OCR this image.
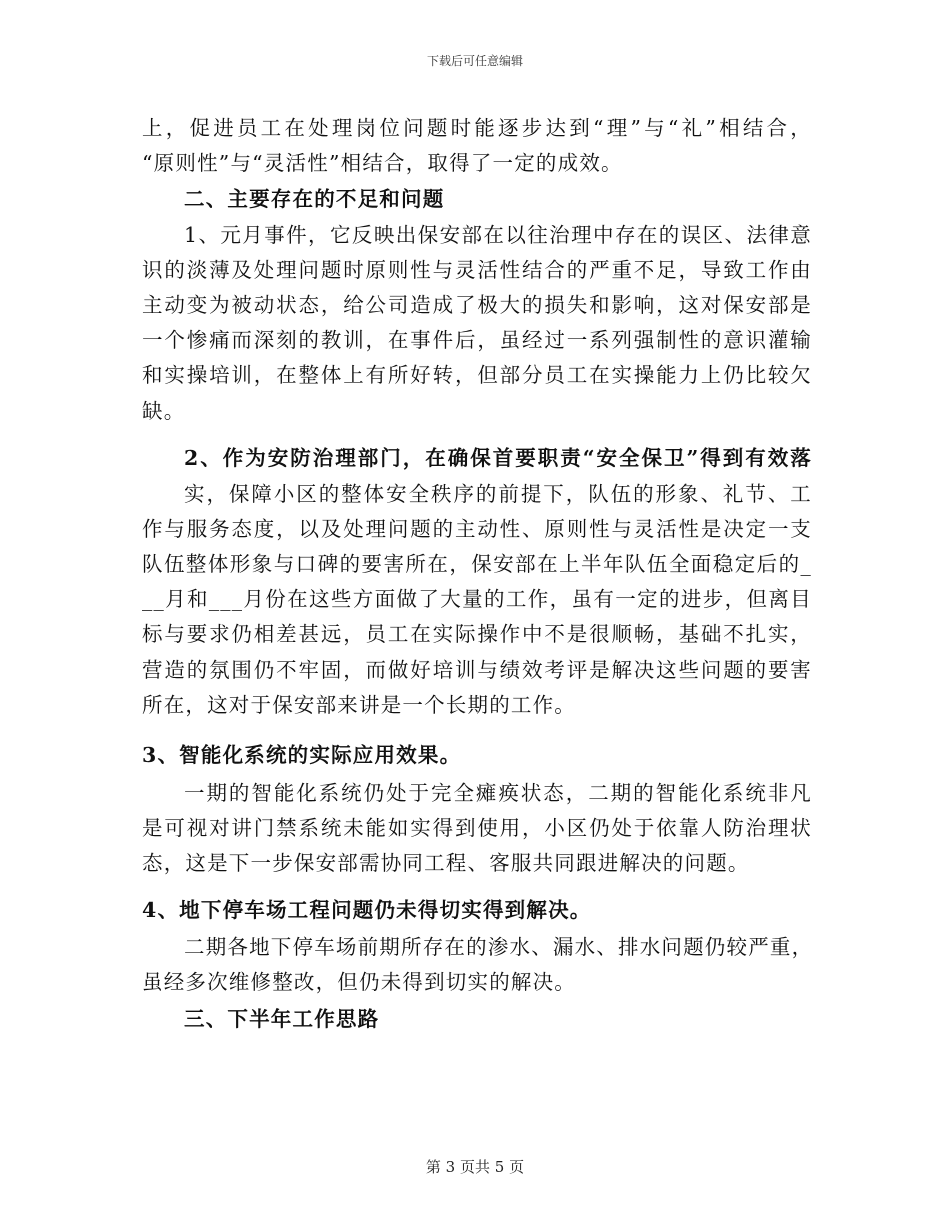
下载后可任意编辑
上，促进员工在处理岗位问题时能逐步达到“理”与“礼”相结合，
“原则性”与“灵活性”相结合，取得了一定的成效。
二、主要存在的不足和问题
1、元月事件，它反映出保安部在以往治理中存在的误区、法律意
识的淡薄及处理问题时原则性与灵活性结合的严重不足，导致工作由
主动变为被动状态，给公司造成了极大的损失和影响，这对保安部是
一个惨痛而深刻的教训，在事件后，虽经过一系列强制性的意识灌输
和实操培训，在整体上有所好转，但部分员工在实操能力上仍比较欠
缺。
2、作为安防治理部门，在确保首要职责“安全保卫”得到有效落
实，保障小区的整体安全秩序的前提下，队伍的形象、礼节、工
作与服务态度，以及处理问题的主动性、原则性与灵活性是决定一支
队伍整体形象与口碑的要害所在，保安部在上半年队伍全面稳定后的_
__月和___月份在这些方面做了大量的工作，虽有一定的进步，但离目
标与要求仍相差甚远，员工在实际操作中不是很顺畅，基础不扎实，
营造的氛围仍不牢固，而做好培训与绩效考评是解决这些问题的要害
所在，这对于保安部来讲是一个长期的工作。
3、智能化系统的实际应用效果。
一期的智能化系统仍处于完全瘫痪状态，二期的智能化系统非凡
是可视对讲门禁系统未能如实得到使用，小区仍处于依靠人防治理状
态，这是下一步保安部需协同工程、客服共同跟进解决的问题。
4、地下停车场工程问题仍未得切实得到解决。
二期各地下停车场前期所存在的渗水、漏水、排水问题仍较严重，
虽经多次维修整改，但仍未得到切实的解决。
三、下半年工作思路
第 3 页共 5 页
